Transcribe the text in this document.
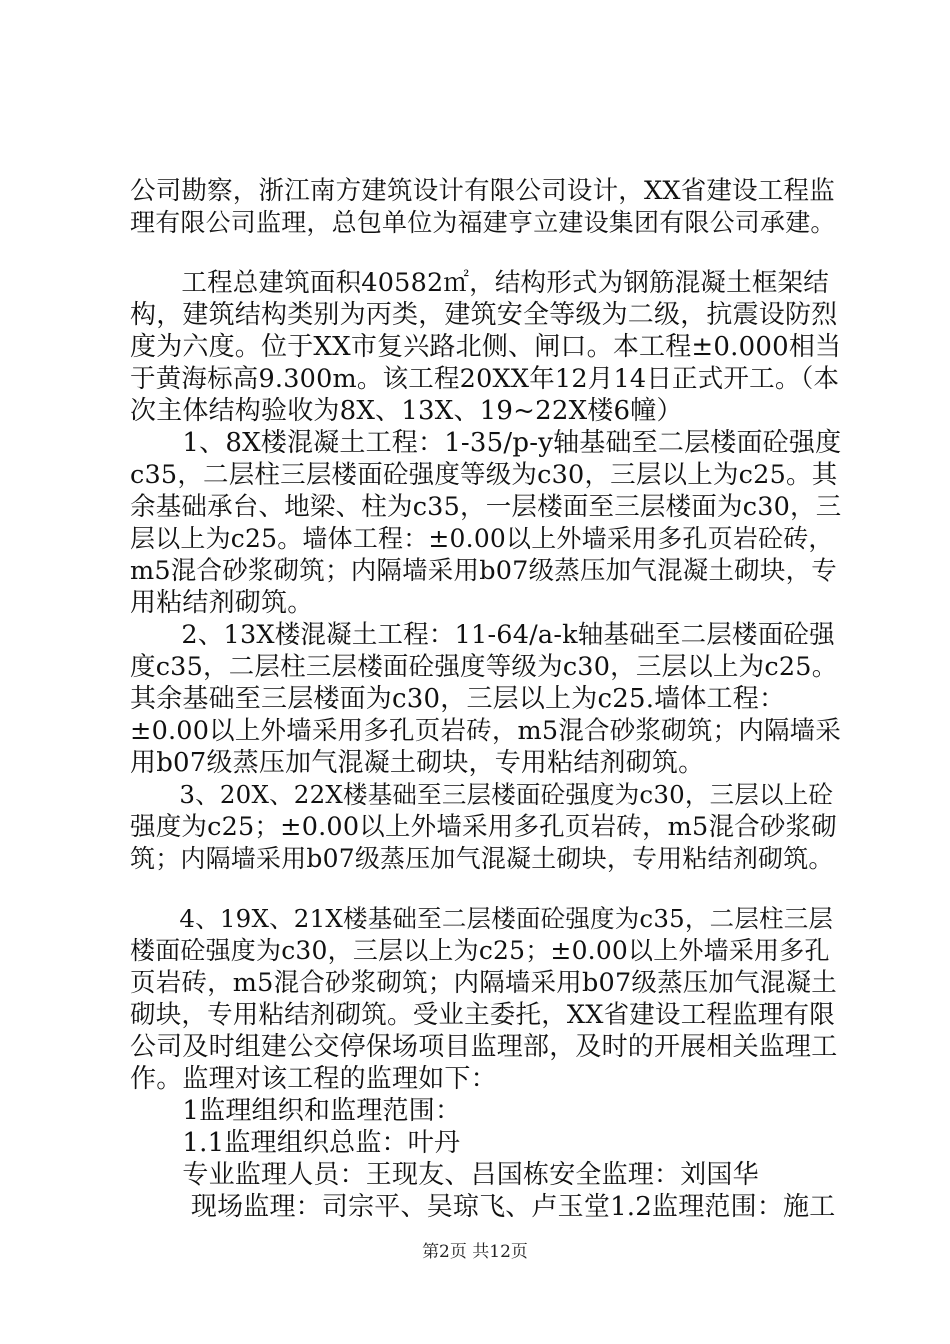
公司勘察，浙江南方建筑设计有限公司设计，XX省建设工程监
理有限公司监理，总包单位为福建亨立建设集团有限公司承建。
　　工程总建筑面积40582㎡，结构形式为钢筋混凝土框架结
构，建筑结构类别为丙类，建筑安全等级为二级，抗震设防烈
度为六度。位于XX市复兴路北侧、闸口。本工程±0.000相当
于黄海标高9.300m。该工程20XX年12月14日正式开工。（本
次主体结构验收为8X、13X、19~22X楼6幢）
　　1、8X楼混凝土工程：1-35/p-y轴基础至二层楼面砼强度
c35，二层柱三层楼面砼强度等级为c30，三层以上为c25。其
余基础承台、地梁、柱为c35，一层楼面至三层楼面为c30，三
层以上为c25。墙体工程：±0.00以上外墙采用多孔页岩砼砖，
m5混合砂浆砌筑；内隔墙采用b07级蒸压加气混凝土砌块，专
用粘结剂砌筑。
　　2、13X楼混凝土工程：11-64/a-k轴基础至二层楼面砼强
度c35，二层柱三层楼面砼强度等级为c30，三层以上为c25。
其余基础至三层楼面为c30，三层以上为c25.墙体工程：
±0.00以上外墙采用多孔页岩砖，m5混合砂浆砌筑；内隔墙采
用b07级蒸压加气混凝土砌块，专用粘结剂砌筑。
　　3、20X、22X楼基础至三层楼面砼强度为c30，三层以上砼
强度为c25；±0.00以上外墙采用多孔页岩砖，m5混合砂浆砌
筑；内隔墙采用b07级蒸压加气混凝土砌块，专用粘结剂砌筑。
　　4、19X、21X楼基础至二层楼面砼强度为c35，二层柱三层
楼面砼强度为c30，三层以上为c25；±0.00以上外墙采用多孔
页岩砖，m5混合砂浆砌筑；内隔墙采用b07级蒸压加气混凝土
砌块，专用粘结剂砌筑。受业主委托，XX省建设工程监理有限
公司及时组建公交停保场项目监理部，及时的开展相关监理工
作。监理对该工程的监理如下：
　　1监理组织和监理范围：
　　1.1监理组织总监：叶丹
　　专业监理人员：王现友、吕国栋安全监理：刘国华
　　 现场监理：司宗平、吴琼飞、卢玉堂1.2监理范围：施工
第2页 共12页
